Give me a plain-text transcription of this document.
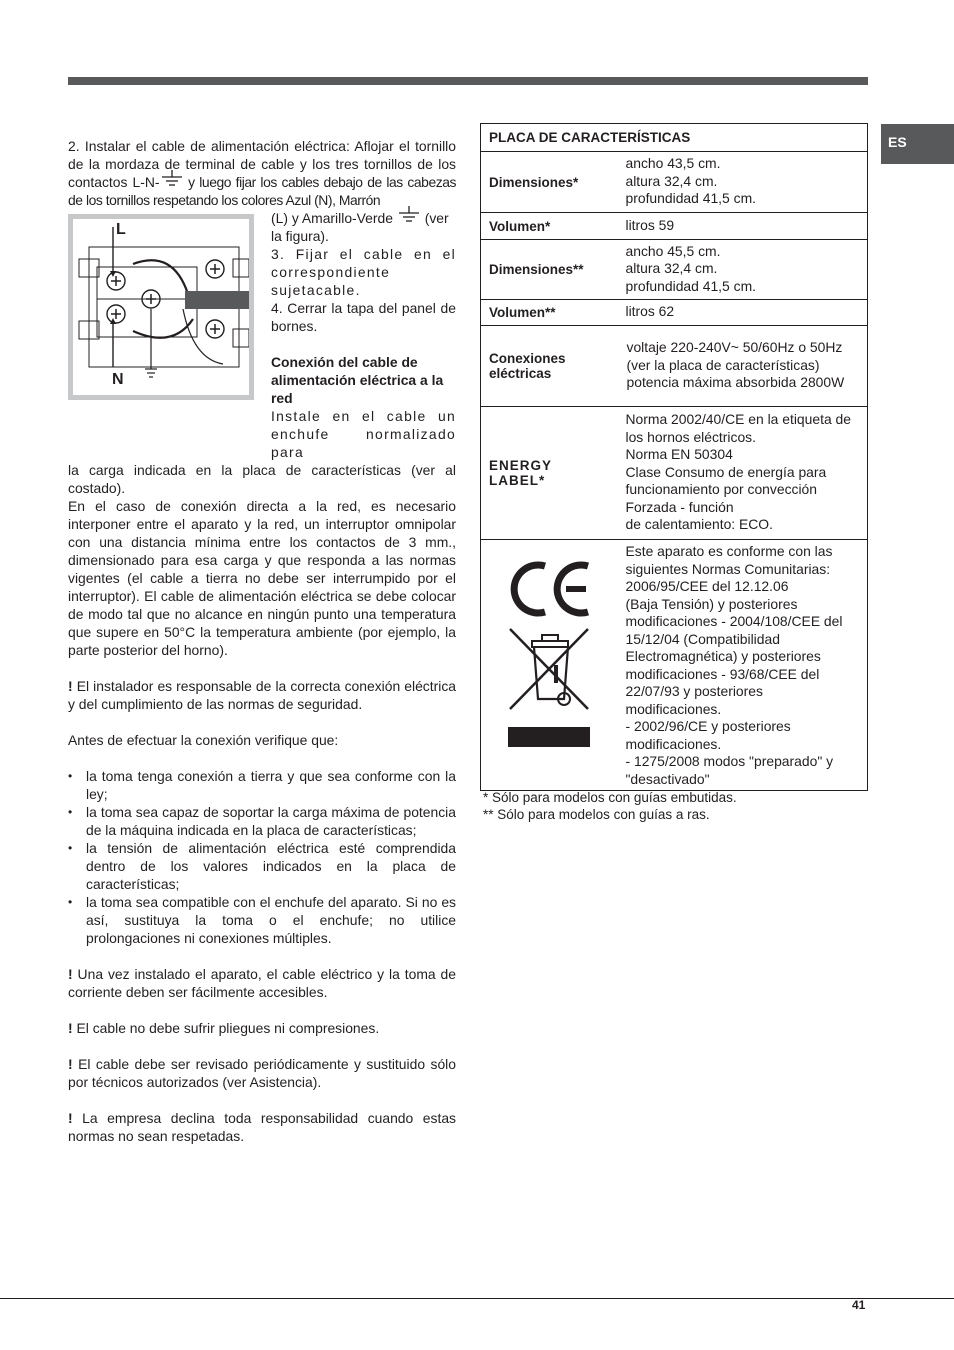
ES

2. Instalar el cable de alimentación eléctrica: Aflojar el tornillo de la mordaza de terminal de cable y los tres tornillos de los contactos L-N-
y luego fijar los cables debajo de las cabezas de los tornillos respetando los colores Azul (N), Marrón

L
N

(L) y Amarillo-Verde
(ver la figura).

3. Fijar el cable en el correspondiente sujetacable.

4. Cerrar la tapa del panel de bornes.

Conexión del cable de alimentación eléctrica a la red

Instale en el cable un enchufe normalizado para

la carga indicada en la placa de características (ver al costado).

En el caso de conexión directa a la red, es necesario interponer entre el aparato y la red, un interruptor omnipolar con una distancia mínima entre los contactos de 3 mm., dimensionado para esa carga y que responda a las normas vigentes (el cable a tierra no debe ser interrumpido por el interruptor). El cable de alimentación eléctrica se debe colocar de modo tal que no alcance en ningún punto una temperatura que supere en 50°C la temperatura ambiente (por ejemplo, la parte posterior del horno).

! El instalador es responsable de la correcta conexión eléctrica y del cumplimiento de las normas de seguridad.

Antes de efectuar la conexión verifique que:

• la toma tenga conexión a tierra y que sea conforme con la ley;
• la toma sea capaz de soportar la carga máxima de potencia de la máquina indicada en la placa de características;
• la tensión de alimentación eléctrica esté comprendida dentro de los valores indicados en la placa de características;
• la toma sea compatible con el enchufe del aparato. Si no es así, sustituya la toma o el enchufe; no utilice prolongaciones ni conexiones múltiples.

! Una vez instalado el aparato, el cable eléctrico y la toma de corriente deben ser fácilmente accesibles.

! El cable no debe sufrir pliegues ni compresiones.

! El cable debe ser revisado periódicamente y sustituido sólo por técnicos autorizados (ver Asistencia).

! La empresa declina toda responsabilidad cuando estas normas no sean respetadas.

PLACA DE CARACTERÍSTICAS	
Dimensiones*	ancho 43,5 cm.
altura 32,4 cm.
profundidad 41,5 cm.

Volumen*	litros 59
Dimensiones**	ancho 45,5 cm.
altura 32,4 cm.
profundidad 41,5 cm.

Volumen**	litros 62
Conexiones eléctricas	voltaje 220-240V~ 50/60Hz o 50Hz (ver la placa de características) potencia máxima absorbida 2800W
ENERGY LABEL*	Norma 2002/40/CE en la etiqueta de los hornos eléctricos.
Norma EN 50304
Clase Consumo de energía para funcionamiento por convección Forzada - función
de calentamiento: ECO.

Este aparato es conforme con las siguientes Normas Comunitarias:
2006/95/CEE del 12.12.06
(Baja Tensión) y posteriores modificaciones - 2004/108/CEE del 15/12/04 (Compatibilidad Electromagnética) y posteriores modificaciones - 93/68/CEE del 22/07/93 y posteriores modificaciones.
- 2002/96/CE y posteriores modificaciones.
- 1275/2008 modos "preparado" y "desactivado"
* Sólo para modelos con guías embutidas.
** Sólo para modelos con guías a ras.
41
